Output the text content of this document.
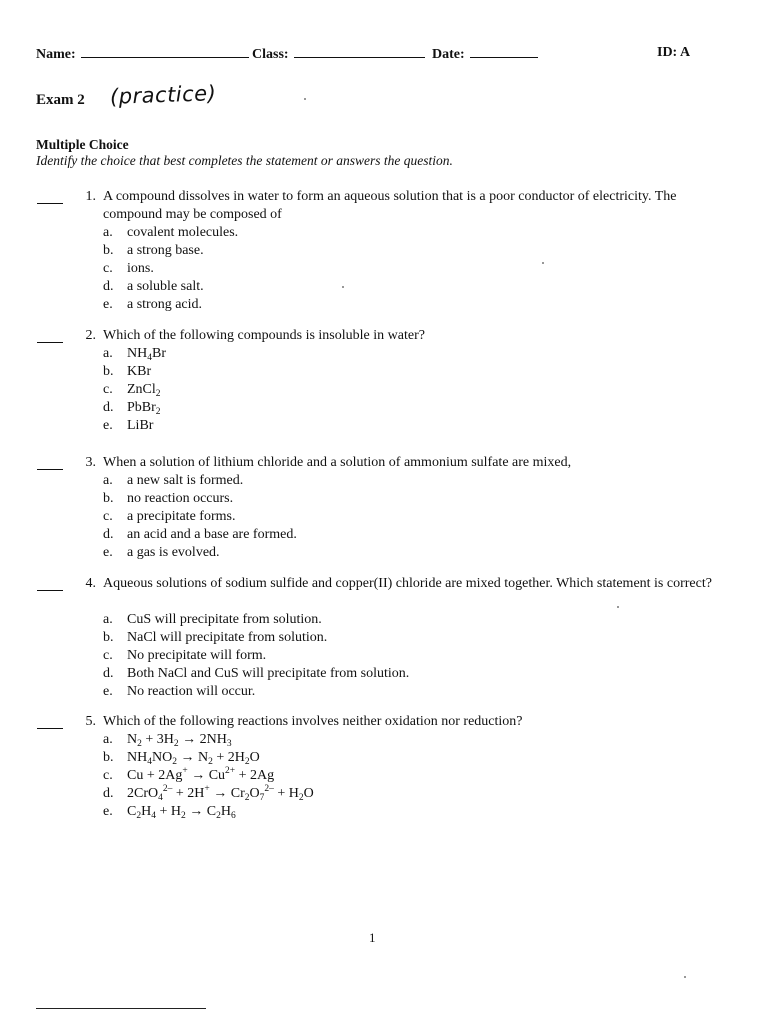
Name:	Class:	Date:	ID: A
Exam 2 (practice)
Multiple Choice
Identify the choice that best completes the statement or answers the question.
1. A compound dissolves in water to form an aqueous solution that is a poor conductor of electricity. The compound may be composed of
a. covalent molecules.
b. a strong base.
c. ions.
d. a soluble salt.
e. a strong acid.
2. Which of the following compounds is insoluble in water?
a. $NH_4Br$
b. KBr
c. ZnCl$_2$
d. PbBr$_2$
e. LiBr
3. When a solution of lithium chloride and a solution of ammonium sulfate are mixed,
a. a new salt is formed.
b. no reaction occurs.
c. a precipitate forms.
d. an acid and a base are formed.
e. a gas is evolved.
4. Aqueous solutions of sodium sulfide and copper(II) chloride are mixed together. Which statement is correct?
a. CuS will precipitate from solution.
b. NaCl will precipitate from solution.
c. No precipitate will form.
d. Both NaCl and CuS will precipitate from solution.
e. No reaction will occur.
5. Which of the following reactions involves neither oxidation nor reduction?
a. $N_2 + 3H_2 \to 2NH_3$
b. $NH_4NO_2 \to N_2 + 2H_2O$
c. $Cu + 2Ag^+ \to Cu^{2+} + 2Ag$
d. $2CrO_4^{2-} + 2H^+ \to Cr_2O_7^{2-} + H_2O$
e. $C_2H_4 + H_2 \to C_2H_6$
1
